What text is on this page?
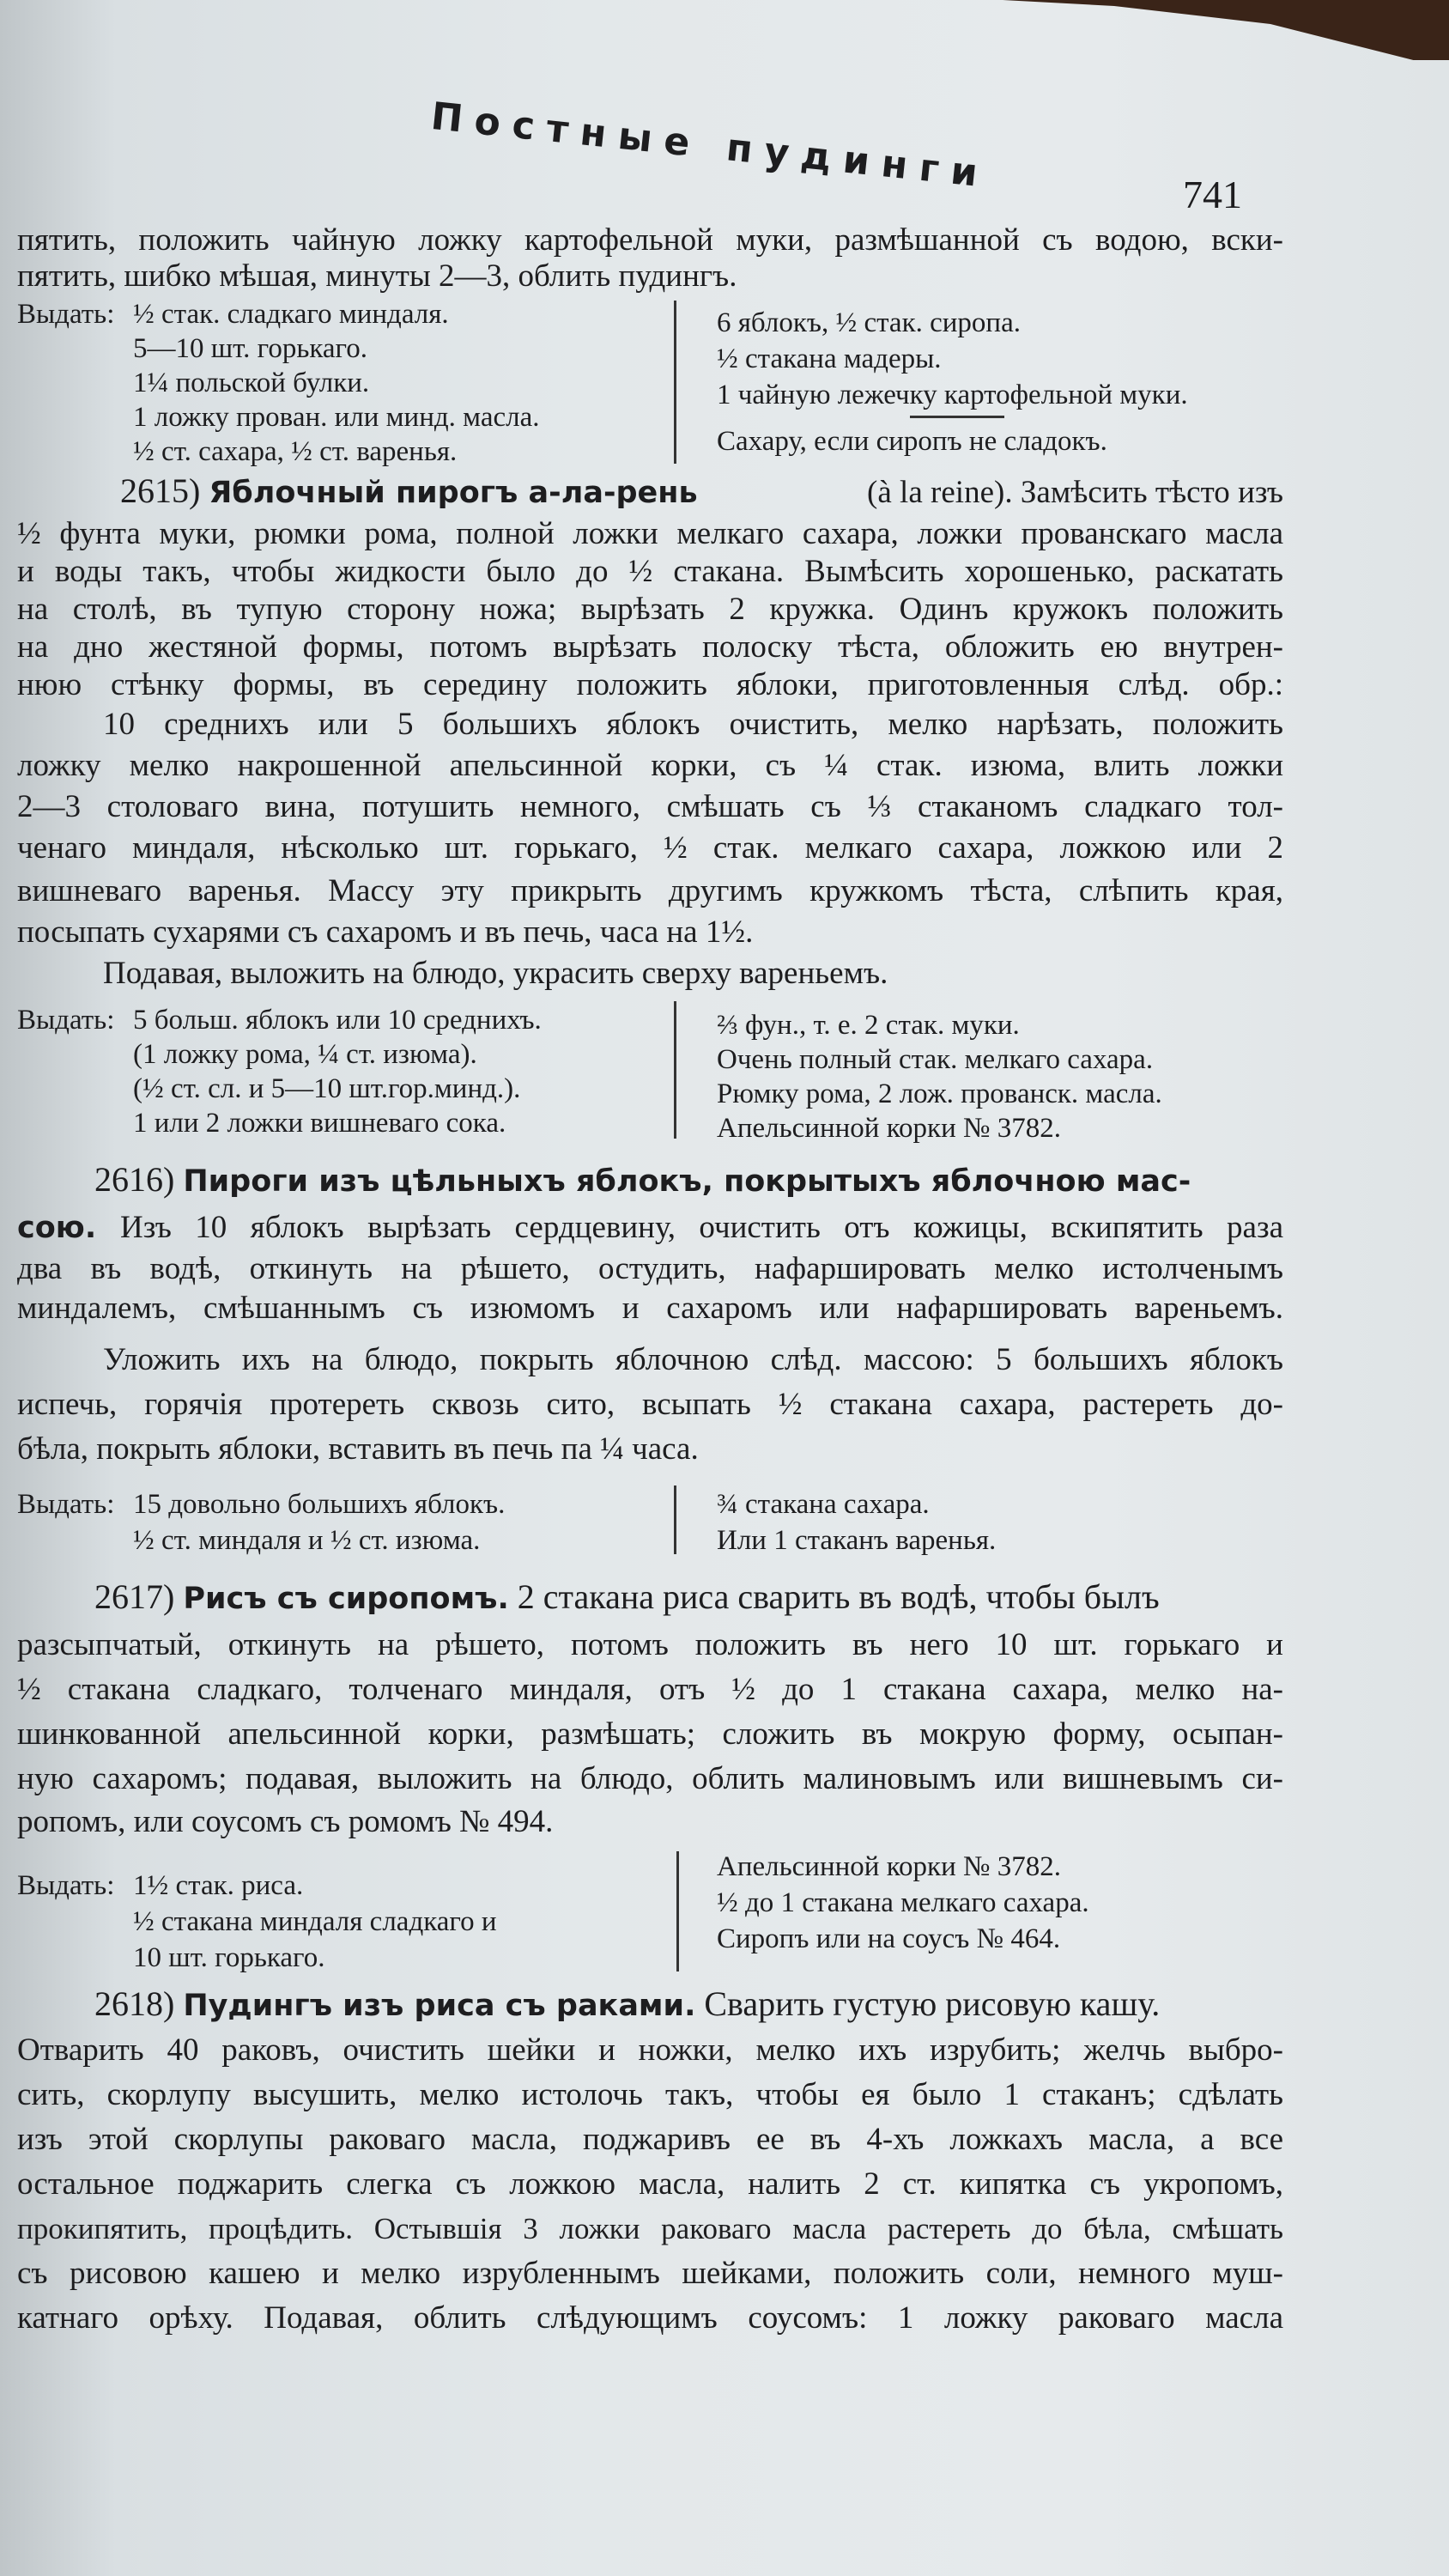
Постные пудинги	741
пятить, положить чайную ложку картофельной муки, размѣшанной съ водою, вски-
пятить, шибко мѣшая, минуты 2—3, облить пудингъ.
Выдать: ½ стак. сладкаго миндаля.
5—10 шт. горькаго.
1¼ польской булки.
1 ложку прован. или минд. масла.
½ ст. сахара, ½ ст. варенья.
6 яблокъ, ½ стак. сиропа.
½ стакана мадеры.
1 чайную лежечку картофельной муки.
Сахару, если сиропъ не сладокъ.
2615) Яблочный пирогъ а-ла-рень	(à la reine). Замѣсить тѣсто изъ
½ фунта муки, рюмки рома, полной ложки мелкаго сахара, ложки прованскаго масла
и воды такъ, чтобы жидкости было до ½ стакана. Вымѣсить хорошенько, раскатать
на столѣ, въ тупую сторону ножа; вырѣзать 2 кружка. Одинъ кружокъ положить
на дно жестяной формы, потомъ вырѣзать полоску тѣста, обложить ею внутрен-
нюю стѣнку формы, въ середину положить яблоки, приготовленныя слѣд. обр.:
10 среднихъ или 5 большихъ яблокъ очистить, мелко нарѣзать, положить
ложку мелко накрошенной апельсинной корки, съ ¼ стак. изюма, влить ложки
2—3 столоваго вина, потушить немного, смѣшать съ ⅓ стаканомъ сладкаго тол-
ченаго миндаля, нѣсколько шт. горькаго, ½ стак. мелкаго сахара, ложкою или 2
вишневаго варенья. Массу эту прикрыть другимъ кружкомъ тѣста, слѣпить края,
посыпать сухарями съ сахаромъ и въ печь, часа на 1½.
Подавая, выложить на блюдо, украсить сверху вареньемъ.
Выдать: 5 больш. яблокъ или 10 среднихъ.
(1 ложку рома, ¼ ст. изюма).
(½ ст. сл. и 5—10 шт.гор.минд.).
1 или 2 ложки вишневаго сока.
⅔ фун., т. е. 2 стак. муки.
Очень полный стак. мелкаго сахара.
Рюмку рома, 2 лож. прованск. масла.
Апельсинной корки № 3782.
2616) Пироги изъ цѣльныхъ яблокъ, покрытыхъ яблочною мас-
сою. Изъ 10 яблокъ вырѣзать сердцевину, очистить отъ кожицы, вскипятить раза
два въ водѣ, откинуть на рѣшето, остудить, нафаршировать мелко истолченымъ
миндалемъ, смѣшаннымъ съ изюмомъ и сахаромъ или нафаршировать вареньемъ.
Уложить ихъ на блюдо, покрыть яблочною слѣд. массою: 5 большихъ яблокъ
испечь, горячія протереть сквозь сито, всыпать ½ стакана сахара, растереть до-
бѣла, покрыть яблоки, вставить въ печь па ¼ часа.
Выдать: 15 довольно большихъ яблокъ.
½ ст. миндаля и ½ ст. изюма.
¾ стакана сахара.
Или 1 стаканъ варенья.
2617) Рисъ съ сиропомъ. 2 стакана риса сварить въ водѣ, чтобы былъ
разсыпчатый, откинуть на рѣшето, потомъ положить въ него 10 шт. горькаго и
½ стакана сладкаго, толченаго миндаля, отъ ½ до 1 стакана сахара, мелко на-
шинкованной апельсинной корки, размѣшать; сложить въ мокрую форму, осыпан-
ную сахаромъ; подавая, выложить на блюдо, облить малиновымъ или вишневымъ си-
ропомъ, или соусомъ съ ромомъ № 494.
Выдать: 1½ стак. риса.
½ стакана миндаля сладкаго и
10 шт. горькаго.
Апельсинной корки № 3782.
½ до 1 стакана мелкаго сахара.
Сиропъ или на соусъ № 464.
2618) Пудингъ изъ риса съ раками. Сварить густую рисовую кашу.
Отварить 40 раковъ, очистить шейки и ножки, мелко ихъ изрубить; желчь выбро-
сить, скорлупу высушить, мелко истолочь такъ, чтобы ея было 1 стаканъ; сдѣлать
изъ этой скорлупы раковаго масла, поджаривъ ее въ 4-хъ ложкахъ масла, а все
остальное поджарить слегка съ ложкою масла, налить 2 ст. кипятка съ укропомъ,
прокипятить, процѣдить. Остывшія 3 ложки раковаго масла растереть до бѣла, смѣшать
съ рисовою кашею и мелко изрубленнымъ шейками, положить соли, немного муш-
катнаго орѣху. Подавая, облить слѣдующимъ соусомъ: 1 ложку раковаго масла
